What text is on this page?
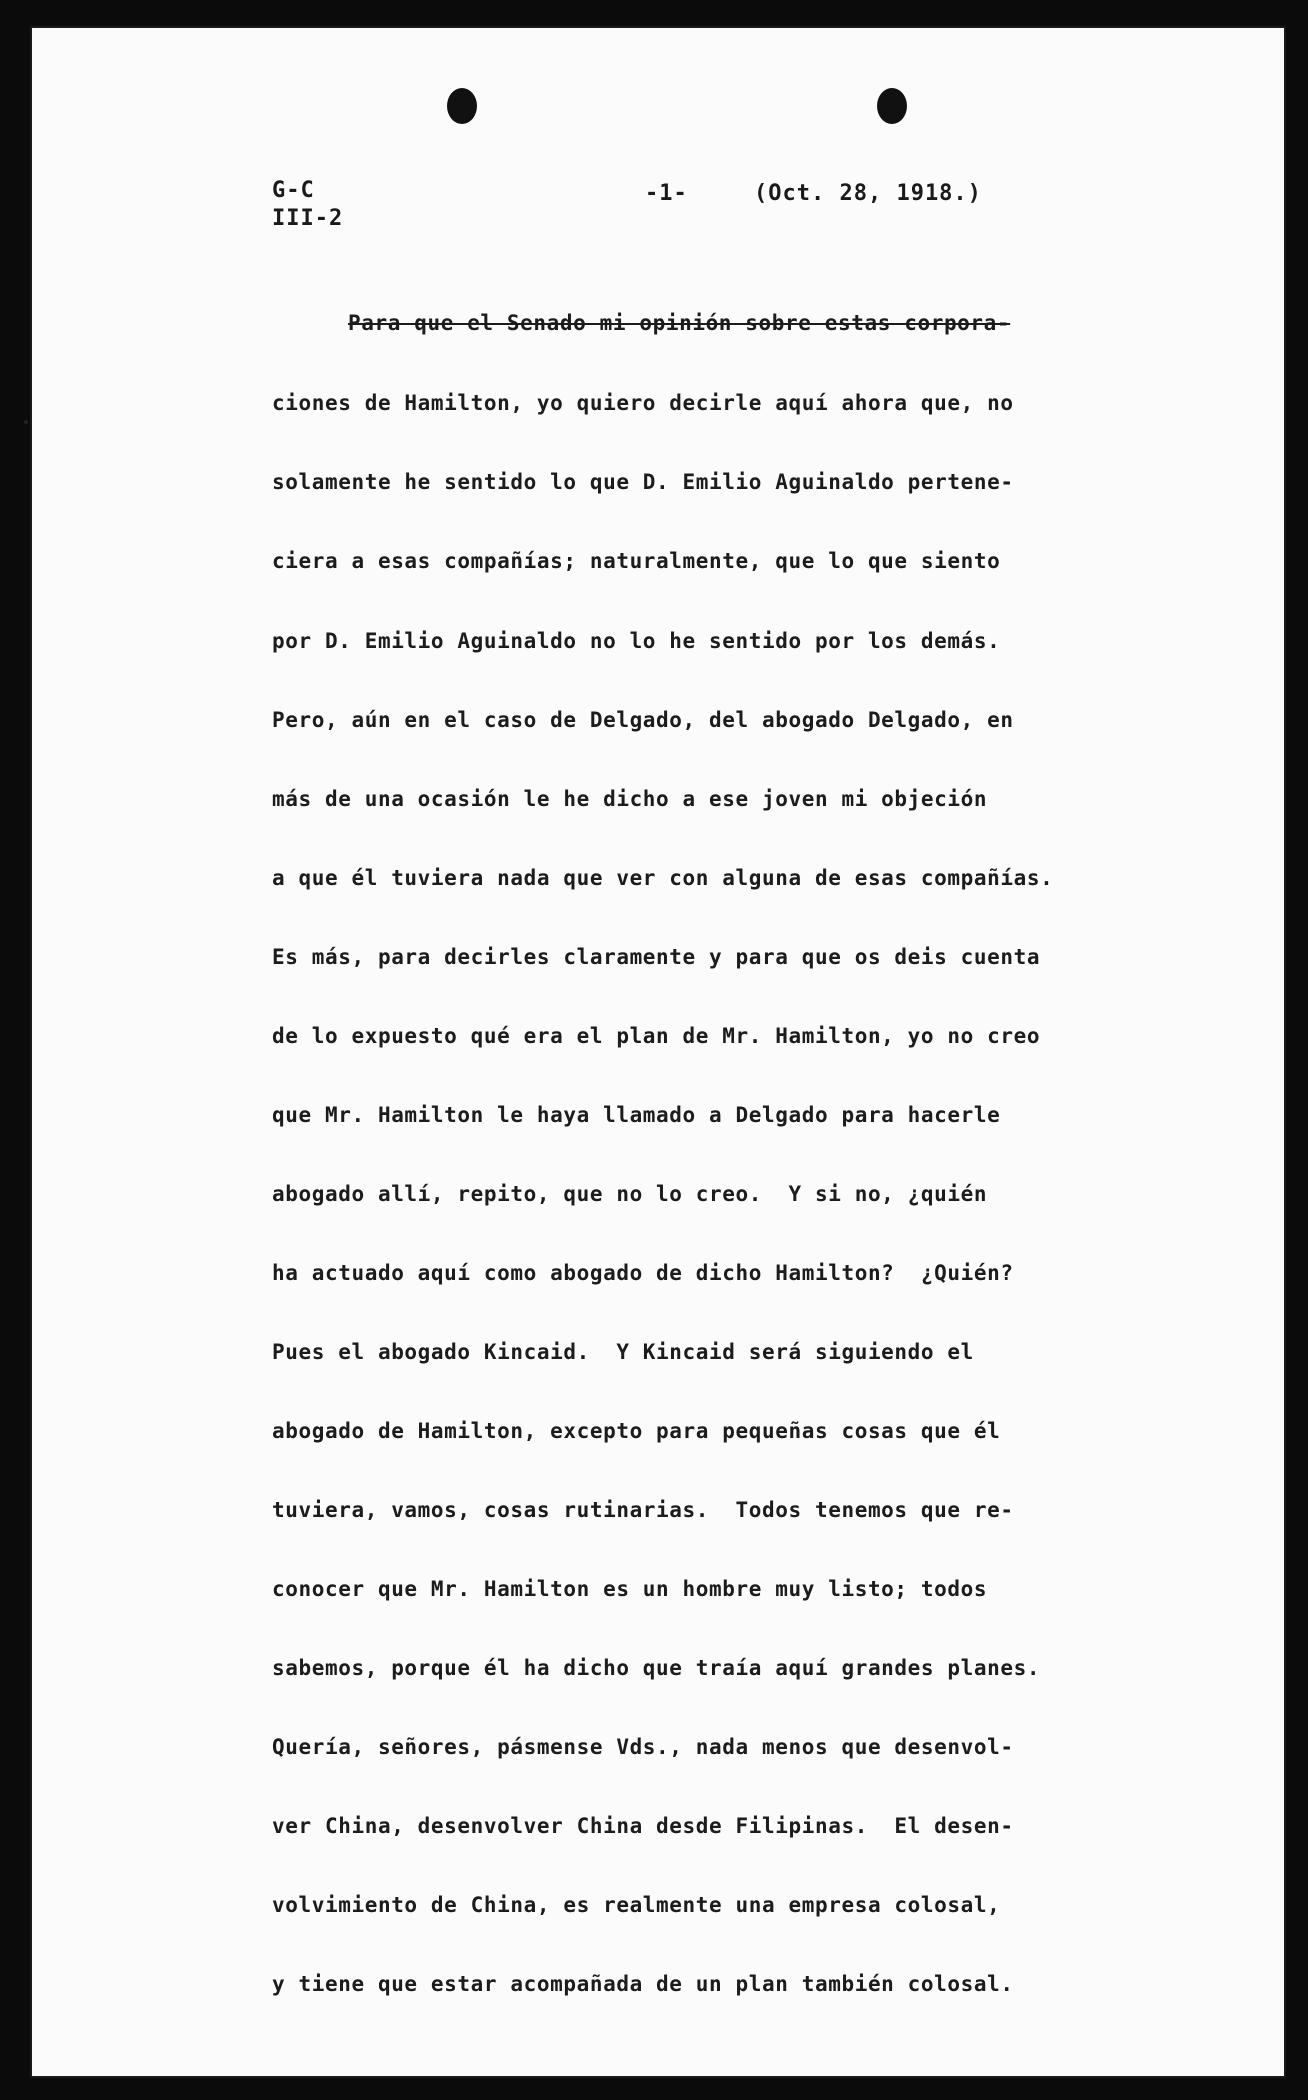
G-C
III-2
-1-	(Oct. 28, 1918.)
Para que el Senado mi opinión sobre estas corpora-
ciones de Hamilton, yo quiero decirle aquí ahora que, no
solamente he sentido lo que D. Emilio Aguinaldo pertene-
ciera a esas compañías; naturalmente, que lo que siento
por D. Emilio Aguinaldo no lo he sentido por los demás.
Pero, aún en el caso de Delgado, del abogado Delgado, en
más de una ocasión le he dicho a ese joven mi objeción
a que él tuviera nada que ver con alguna de esas compañías.
Es más, para decirles claramente y para que os deis cuenta
de lo expuesto qué era el plan de Mr. Hamilton, yo no creo
que Mr. Hamilton le haya llamado a Delgado para hacerle
abogado allí, repito, que no lo creo.  Y si no, ¿quién
ha actuado aquí como abogado de dicho Hamilton?  ¿Quién?
Pues el abogado Kincaid.  Y Kincaid será siguiendo el
abogado de Hamilton, excepto para pequeñas cosas que él
tuviera, vamos, cosas rutinarias.  Todos tenemos que re-
conocer que Mr. Hamilton es un hombre muy listo; todos
sabemos, porque él ha dicho que traía aquí grandes planes.
Quería, señores, pásmense Vds., nada menos que desenvol-
ver China, desenvolver China desde Filipinas.  El desen-
volvimiento de China, es realmente una empresa colosal,
y tiene que estar acompañada de un plan también colosal.
